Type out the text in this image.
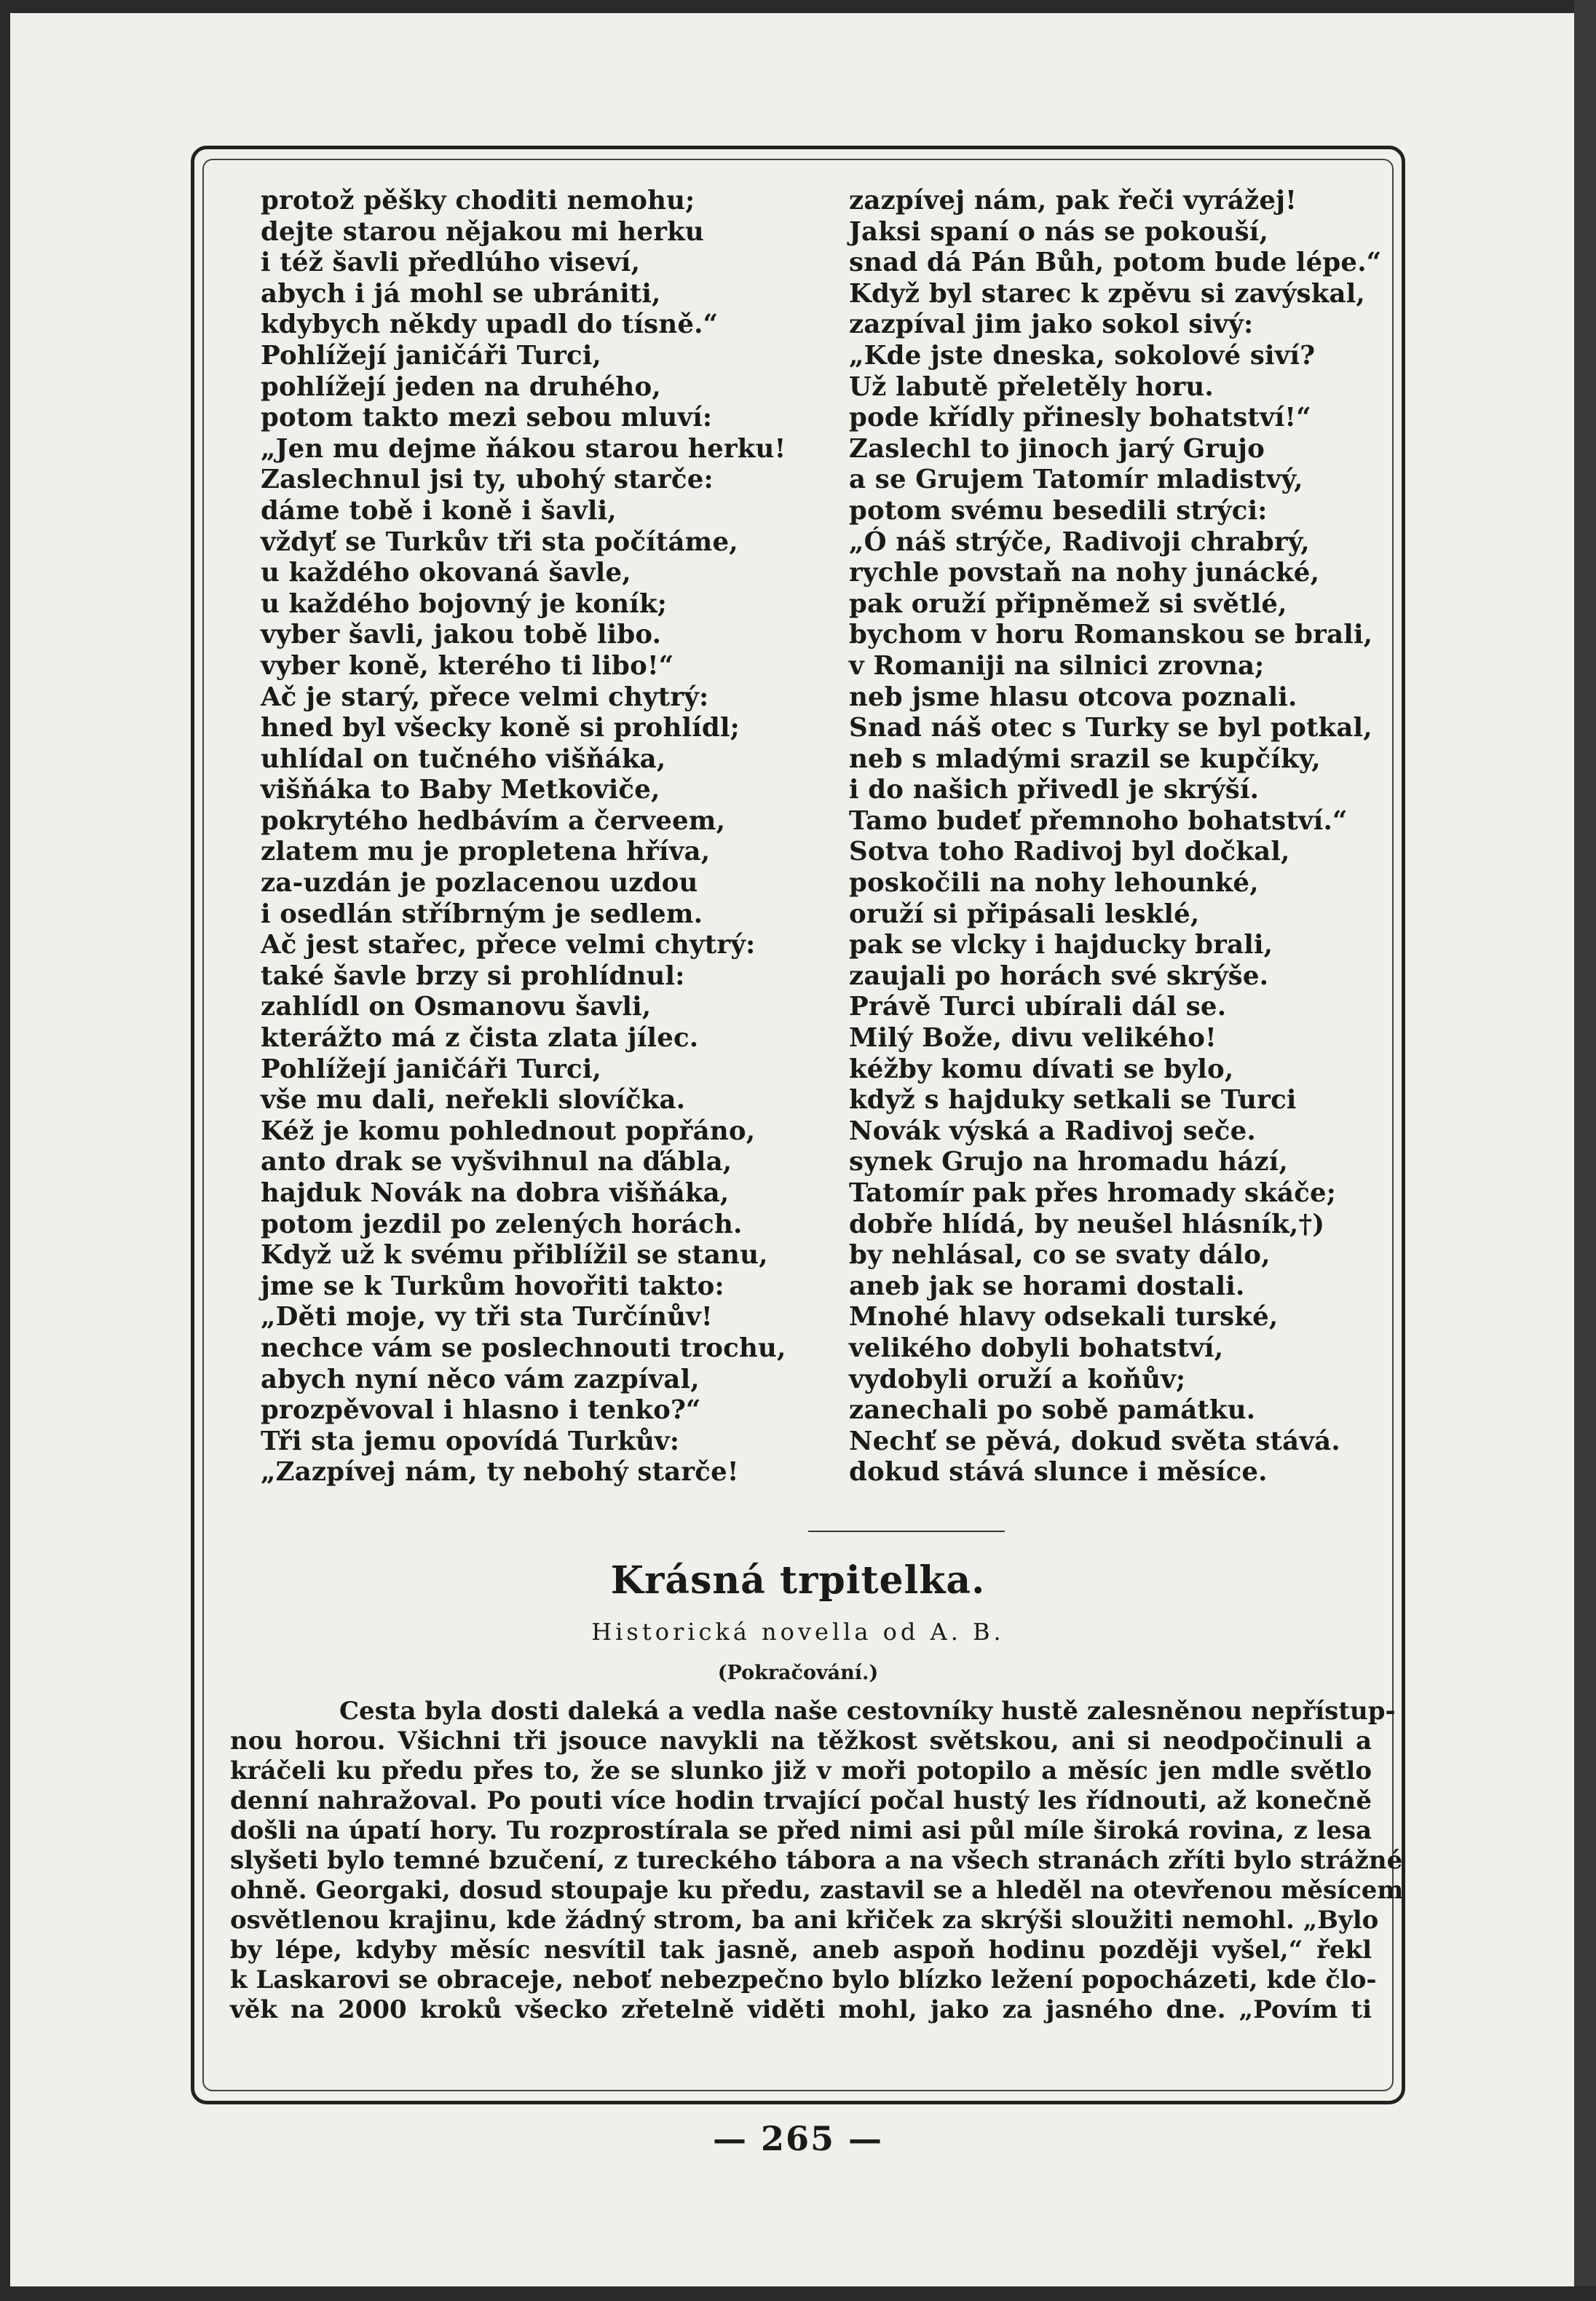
protož pěšky choditi nemohu;
dejte starou nějakou mi herku
i též šavli předlúho viseví,
abych i já mohl se ubrániti,
kdybych někdy upadl do tísně.“
Pohlížejí janičáři Turci,
pohlížejí jeden na druhého,
potom takto mezi sebou mluví:
„Jen mu dejme ňákou starou herku!
Zaslechnul jsi ty, ubohý starče:
dáme tobě i koně i šavli,
vždyť se Turkův tři sta počítáme,
u každého okovaná šavle,
u každého bojovný je koník;
vyber šavli, jakou tobě libo.
vyber koně, kterého ti libo!“
Ač je starý, přece velmi chytrý:
hned byl všecky koně si prohlídl;
uhlídal on tučného višňáka,
višňáka to Baby Metkoviče,
pokrytého hedbávím a červeem,
zlatem mu je propletena hříva,
za-uzdán je pozlacenou uzdou
i osedlán stříbrným je sedlem.
Ač jest stařec, přece velmi chytrý:
také šavle brzy si prohlídnul:
zahlídl on Osmanovu šavli,
kterážto má z čista zlata jílec.
Pohlížejí janičáři Turci,
vše mu dali, neřekli slovíčka.
Kéž je komu pohlednout popřáno,
anto drak se vyšvihnul na ďábla,
hajduk Novák na dobra višňáka,
potom jezdil po zelených horách.
Když už k svému přiblížil se stanu,
jme se k Turkům hovořiti takto:
„Děti moje, vy tři sta Turčínův!
nechce vám se poslechnouti trochu,
abych nyní něco vám zazpíval,
prozpěvoval i hlasno i tenko?“
Tři sta jemu opovídá Turkův:
„Zazpívej nám, ty nebohý starče!
zazpívej nám, pak řeči vyrážej!
Jaksi spaní o nás se pokouší,
snad dá Pán Bůh, potom bude lépe.“
Když byl starec k zpěvu si zavýskal,
zazpíval jim jako sokol sivý:
„Kde jste dneska, sokolové siví?
Už labutě přeletěly horu.
pode křídly přinesly bohatství!“
Zaslechl to jinoch jarý Grujo
a se Grujem Tatomír mladistvý,
potom svému besedili strýci:
„Ó náš strýče, Radivoji chrabrý,
rychle povstaň na nohy junácké,
pak oruží připněmež si světlé,
bychom v horu Romanskou se brali,
v Romaniji na silnici zrovna;
neb jsme hlasu otcova poznali.
Snad náš otec s Turky se byl potkal,
neb s mladými srazil se kupčíky,
i do našich přivedl je skrýší.
Tamo budeť přemnoho bohatství.“
Sotva toho Radivoj byl dočkal,
poskočili na nohy lehounké,
oruží si připásali lesklé,
pak se vlcky i hajducky brali,
zaujali po horách své skrýše.
Právě Turci ubírali dál se.
Milý Bože, divu velikého!
kéžby komu dívati se bylo,
když s hajduky setkali se Turci
Novák výská a Radivoj seče.
synek Grujo na hromadu hází,
Tatomír pak přes hromady skáče;
dobře hlídá, by neušel hlásník,†)
by nehlásal, co se svaty dálo,
aneb jak se horami dostali.
Mnohé hlavy odsekali turské,
velikého dobyli bohatství,
vydobyli oruží a koňův;
zanechali po sobě památku.
Nechť se pěvá, dokud světa stává.
dokud stává slunce i měsíce.
Krásná trpitelka.
Historická novella od A. B.
(Pokračování.)
Cesta byla dosti daleká a vedla naše cestovníky hustě zalesněnou nepřístup-
nou horou. Všichni tři jsouce navykli na těžkost světskou, ani si neodpočinuli a
kráčeli ku předu přes to, že se slunko již v moři potopilo a měsíc jen mdle světlo
denní nahražoval. Po pouti více hodin trvající počal hustý les řídnouti, až konečně
došli na úpatí hory. Tu rozprostírala se před nimi asi půl míle široká rovina, z lesa
slyšeti bylo temné bzučení, z tureckého tábora a na všech stranách zříti bylo strážné
ohně. Georgaki, dosud stoupaje ku předu, zastavil se a hleděl na otevřenou měsícem
osvětlenou krajinu, kde žádný strom, ba ani křiček za skrýši sloužiti nemohl. „Bylo
by lépe, kdyby měsíc nesvítil tak jasně, aneb aspoň hodinu později vyšel,“ řekl
k Laskarovi se obraceje, neboť nebezpečno bylo blízko ležení popocházeti, kde člo-
věk na 2000 kroků všecko zřetelně viděti mohl, jako za jasného dne. „Povím ti
— 265 —
